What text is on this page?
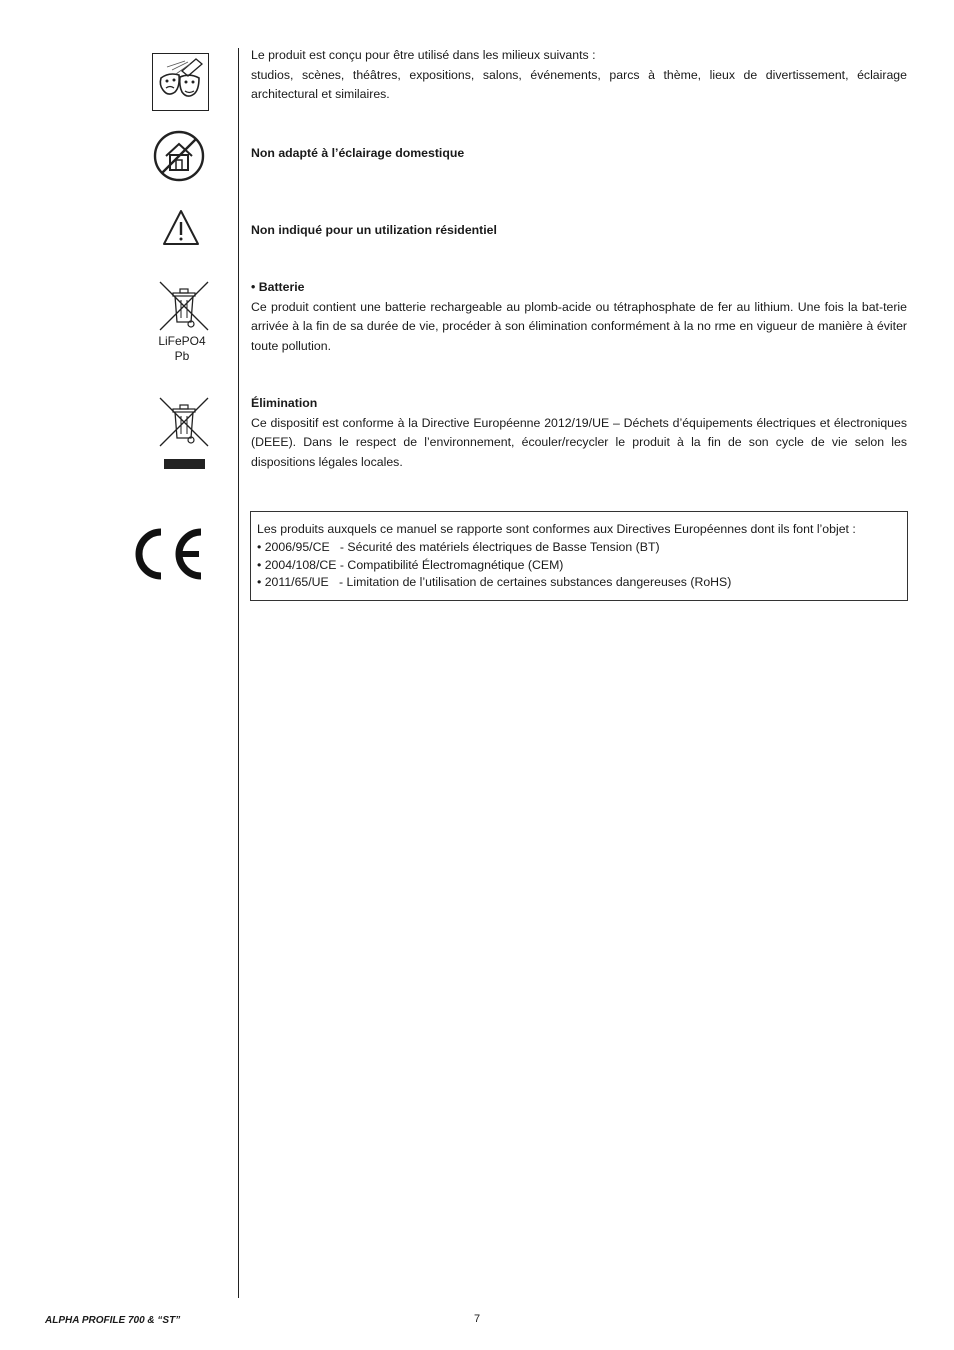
Le produit est conçu pour être utilisé dans les milieux suivants :

studios, scènes, théâtres, expositions, salons, événements, parcs à thème, lieux de divertissement, éclairage architectural et similaires.

Non adapté à l’éclairage domestique
Non indiqué pour un utilization résidentiel
LiFePO4
Pb

• Batterie

Ce produit contient une batterie rechargeable au plomb-acide ou tétraphosphate de fer au lithium. Une fois la bat-terie arrivée à la fin de sa durée de vie, procéder à son élimination conformément à la no rme en vigueur de manière à éviter toute pollution.

Élimination

Ce dispositif est conforme à la Directive Européenne 2012/19/UE – Déchets d’équipements électriques et électroniques (DEEE). Dans le respect de l’environnement, écouler/recycler le produit à la fin de son cycle de vie selon les dispositions légales locales.

Les produits auxquels ce manuel se rapporte sont conformes aux Directives Européennes dont ils font l’objet :

• 2006/95/CE   - Sécurité des matériels électriques de Basse Tension (BT)

• 2004/108/CE - Compatibilité Électromagnétique (CEM)

• 2011/65/UE   - Limitation de l’utilisation de certaines substances dangereuses (RoHS)

ALPHA PROFILE 700 & “ST”	7
